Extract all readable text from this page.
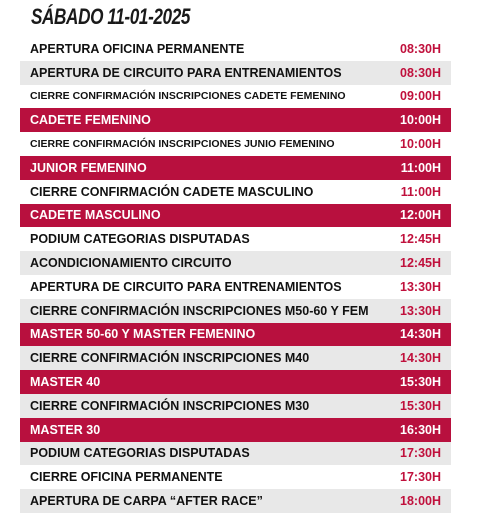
SÁBADO 11-01-2025
APERTURA OFICINA PERMANENTE	08:30H
APERTURA DE CIRCUITO PARA ENTRENAMIENTOS	08:30H
CIERRE CONFIRMACIÓN INSCRIPCIONES CADETE FEMENINO	09:00H
CADETE FEMENINO	10:00H
CIERRE CONFIRMACIÓN INSCRIPCIONES JUNIO FEMENINO	10:00H
JUNIOR FEMENINO	11:00H
CIERRE CONFIRMACIÓN CADETE MASCULINO	11:00H
CADETE MASCULINO	12:00H
PODIUM CATEGORIAS DISPUTADAS	12:45H
ACONDICIONAMIENTO CIRCUITO	12:45H
APERTURA DE CIRCUITO PARA ENTRENAMIENTOS	13:30H
CIERRE CONFIRMACIÓN INSCRIPCIONES M50-60 Y FEM	13:30H
MASTER 50-60 Y MASTER FEMENINO	14:30H
CIERRE CONFIRMACIÓN INSCRIPCIONES M40	14:30H
MASTER 40	15:30H
CIERRE CONFIRMACIÓN INSCRIPCIONES M30	15:30H
MASTER 30	16:30H
PODIUM CATEGORIAS DISPUTADAS	17:30H
CIERRE OFICINA PERMANENTE	17:30H
APERTURA DE CARPA “AFTER RACE”	18:00H
